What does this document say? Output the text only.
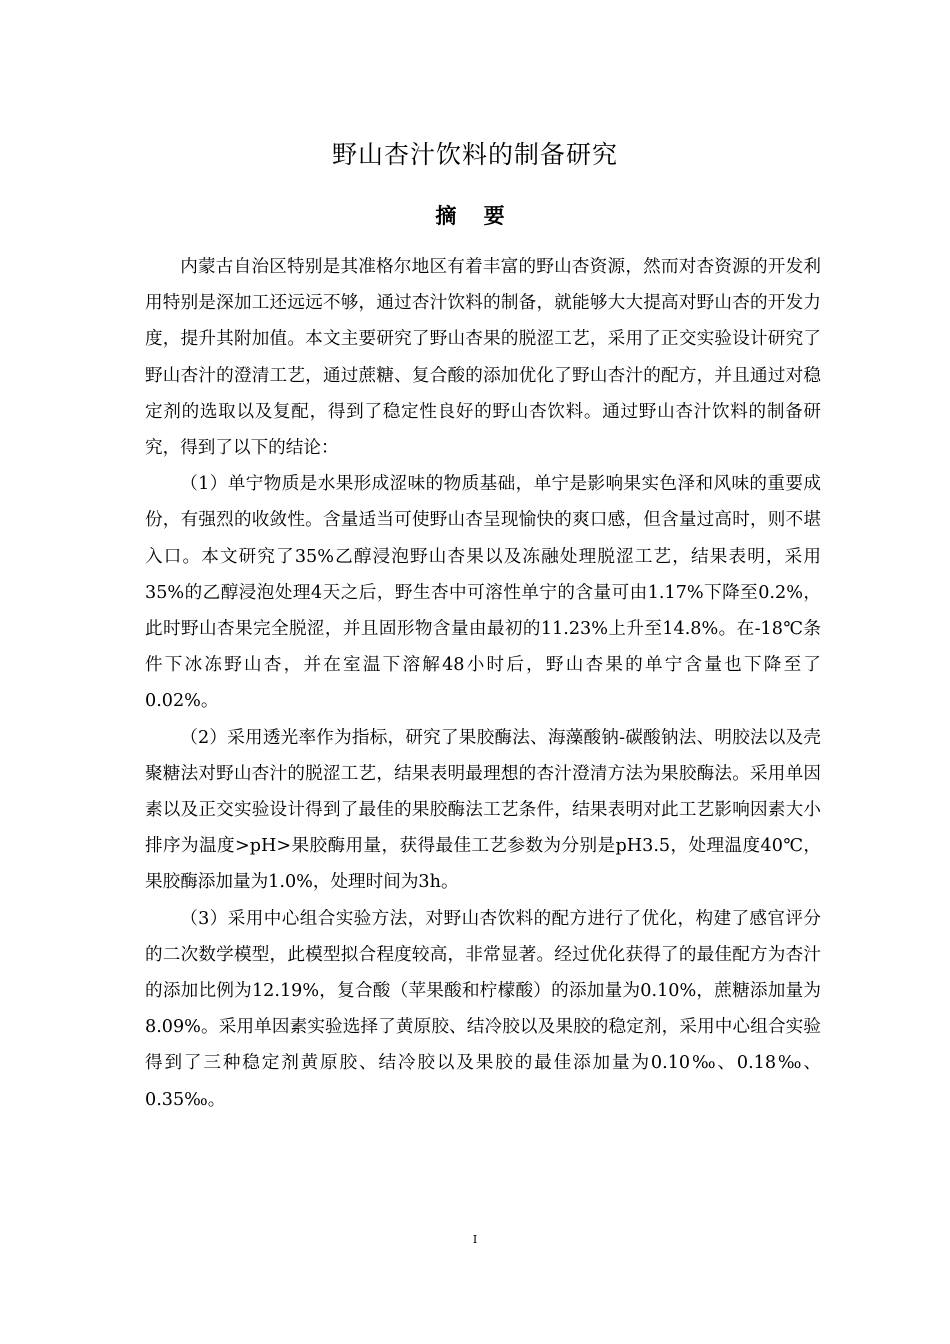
野山杏汁饮料的制备研究
摘 要

内蒙古自治区特别是其准格尔地区有着丰富的野山杏资源，然而对杏资源的开发利用特别是深加工还远远不够，通过杏汁饮料的制备，就能够大大提高对野山杏的开发力度，提升其附加值。本文主要研究了野山杏果的脱涩工艺，采用了正交实验设计研究了野山杏汁的澄清工艺，通过蔗糖、复合酸的添加优化了野山杏汁的配方，并且通过对稳定剂的选取以及复配，得到了稳定性良好的野山杏饮料。通过野山杏汁饮料的制备研究，得到了以下的结论：

（1）单宁物质是水果形成涩味的物质基础，单宁是影响果实色泽和风味的重要成份，有强烈的收敛性。含量适当可使野山杏呈现愉快的爽口感，但含量过高时，则不堪入口。本文研究了35%乙醇浸泡野山杏果以及冻融处理脱涩工艺，结果表明，采用35%的乙醇浸泡处理4天之后，野生杏中可溶性单宁的含量可由1.17%下降至0.2%，此时野山杏果完全脱涩，并且固形物含量由最初的11.23%上升至14.8%。在-18℃条件下冰冻野山杏，并在室温下溶解48小时后，野山杏果的单宁含量也下降至了0.02%。

（2）采用透光率作为指标，研究了果胶酶法、海藻酸钠-碳酸钠法、明胶法以及壳聚糖法对野山杏汁的脱涩工艺，结果表明最理想的杏汁澄清方法为果胶酶法。采用单因素以及正交实验设计得到了最佳的果胶酶法工艺条件，结果表明对此工艺影响因素大小排序为温度>pH>果胶酶用量，获得最佳工艺参数为分别是pH3.5，处理温度40℃，果胶酶添加量为1.0%，处理时间为3h。

（3）采用中心组合实验方法，对野山杏饮料的配方进行了优化，构建了感官评分的二次数学模型，此模型拟合程度较高，非常显著。经过优化获得了的最佳配方为杏汁的添加比例为12.19%，复合酸（苹果酸和柠檬酸）的添加量为0.10%，蔗糖添加量为8.09%。采用单因素实验选择了黄原胶、结冷胶以及果胶的稳定剂，采用中心组合实验得到了三种稳定剂黄原胶、结冷胶以及果胶的最佳添加量为0.10‰、0.18‰、0.35‰。

I
